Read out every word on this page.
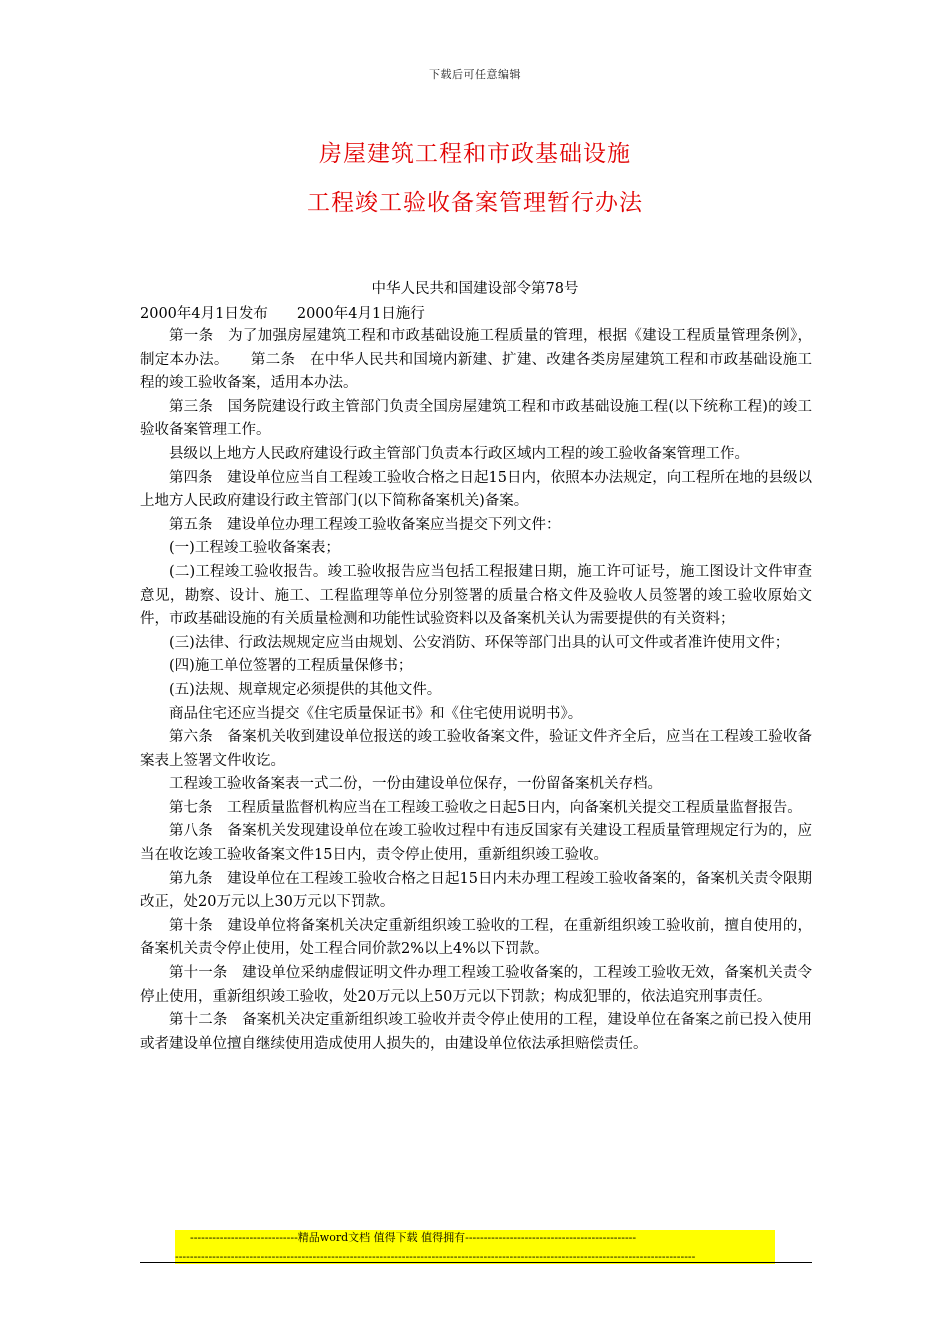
下载后可任意编辑
房屋建筑工程和市政基础设施
工程竣工验收备案管理暂行办法
中华人民共和国建设部令第78号
2000年4月1日发布　　2000年4月1日施行

第一条　为了加强房屋建筑工程和市政基础设施工程质量的管理，根据《建设工程质量管理条例》，制定本办法。　　第二条　在中华人民共和国境内新建、扩建、改建各类房屋建筑工程和市政基础设施工程的竣工验收备案，适用本办法。

第三条　国务院建设行政主管部门负责全国房屋建筑工程和市政基础设施工程(以下统称工程)的竣工验收备案管理工作。

县级以上地方人民政府建设行政主管部门负责本行政区域内工程的竣工验收备案管理工作。

第四条　建设单位应当自工程竣工验收合格之日起15日内，依照本办法规定，向工程所在地的县级以上地方人民政府建设行政主管部门(以下简称备案机关)备案。

第五条　建设单位办理工程竣工验收备案应当提交下列文件：

(一)工程竣工验收备案表；

(二)工程竣工验收报告。竣工验收报告应当包括工程报建日期，施工许可证号，施工图设计文件审查意见，勘察、设计、施工、工程监理等单位分别签署的质量合格文件及验收人员签署的竣工验收原始文件，市政基础设施的有关质量检测和功能性试验资料以及备案机关认为需要提供的有关资料；

(三)法律、行政法规规定应当由规划、公安消防、环保等部门出具的认可文件或者准许使用文件；

(四)施工单位签署的工程质量保修书；

(五)法规、规章规定必须提供的其他文件。

商品住宅还应当提交《住宅质量保证书》和《住宅使用说明书》。

第六条　备案机关收到建设单位报送的竣工验收备案文件，验证文件齐全后，应当在工程竣工验收备案表上签署文件收讫。

工程竣工验收备案表一式二份，一份由建设单位保存，一份留备案机关存档。

第七条　工程质量监督机构应当在工程竣工验收之日起5日内，向备案机关提交工程质量监督报告。

第八条　备案机关发现建设单位在竣工验收过程中有违反国家有关建设工程质量管理规定行为的，应当在收讫竣工验收备案文件15日内，责令停止使用，重新组织竣工验收。

第九条　建设单位在工程竣工验收合格之日起15日内未办理工程竣工验收备案的，备案机关责令限期改正，处20万元以上30万元以下罚款。

第十条　建设单位将备案机关决定重新组织竣工验收的工程，在重新组织竣工验收前，擅自使用的，备案机关责令停止使用，处工程合同价款2%以上4%以下罚款。

第十一条　建设单位采纳虚假证明文件办理工程竣工验收备案的，工程竣工验收无效，备案机关责令停止使用，重新组织竣工验收，处20万元以上50万元以下罚款；构成犯罪的，依法追究刑事责任。

第十二条　备案机关决定重新组织竣工验收并责令停止使用的工程，建设单位在备案之前已投入使用或者建设单位擅自继续使用造成使用人损失的，由建设单位依法承担赔偿责任。

-----------------------------精品word文档 值得下载 值得拥有----------------------------------------------
--------------------------------------------------------------------------------------------------------------------------------------------
